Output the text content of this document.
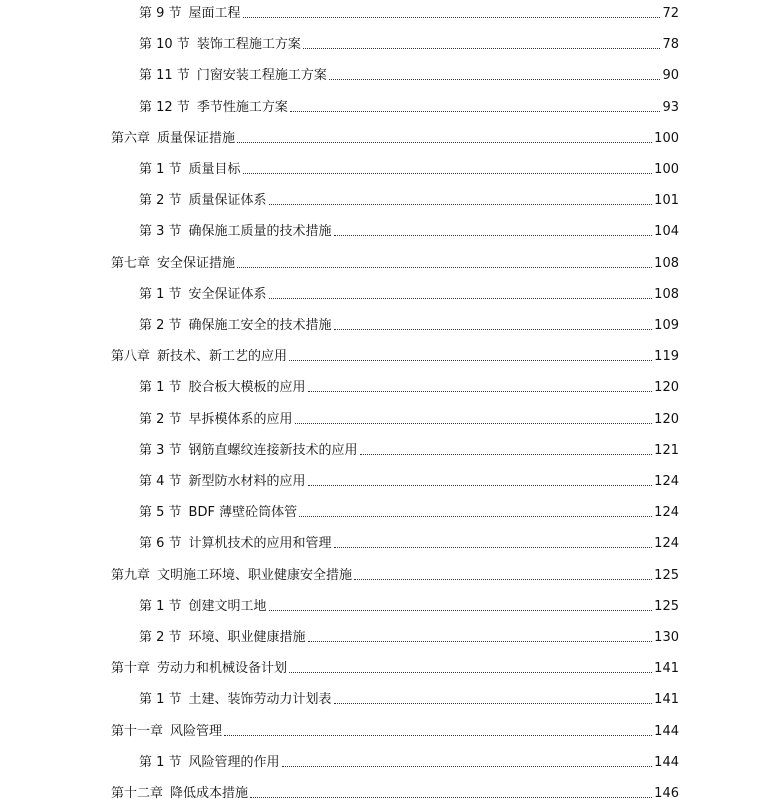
第 9 节 屋面工程	72
第 10 节 装饰工程施工方案	78
第 11 节 门窗安装工程施工方案	90
第 12 节 季节性施工方案	93
第六章 质量保证措施	100
第 1 节 质量目标	100
第 2 节 质量保证体系	101
第 3 节 确保施工质量的技术措施	104
第七章 安全保证措施	108
第 1 节 安全保证体系	108
第 2 节 确保施工安全的技术措施	109
第八章 新技术、新工艺的应用	119
第 1 节 胶合板大模板的应用	120
第 2 节 早拆模体系的应用	120
第 3 节 钢筋直螺纹连接新技术的应用	121
第 4 节 新型防水材料的应用	124
第 5 节 BDF 薄壁砼筒体管	124
第 6 节 计算机技术的应用和管理	124
第九章 文明施工环境、职业健康安全措施	125
第 1 节 创建文明工地	125
第 2 节 环境、职业健康措施	130
第十章 劳动力和机械设备计划	141
第 1 节 土建、装饰劳动力计划表	141
第十一章 风险管理	144
第 1 节 风险管理的作用	144
第十二章 降低成本措施	146
